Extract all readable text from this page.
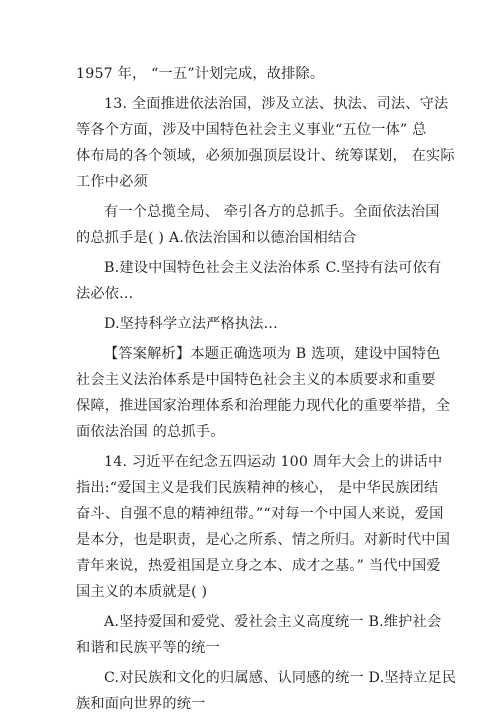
1957 年， “一五”计划完成，故排除。
13. 全面推进依法治国，涉及立法、执法、司法、守法
等各个方面，涉及中国特色社会主义事业“五位一体” 总
体布局的各个领域，必须加强顶层设计、统筹谋划， 在实际
工作中必须
有一个总揽全局、 牵引各方的总抓手。全面依法治国
的总抓手是( ) A.依法治国和以德治国相结合
B.建设中国特色社会主义法治体系 C.坚持有法可依有
法必依...
D.坚持科学立法严格执法...
【答案解析】本题正确选项为 B 选项，建设中国特色
社会主义法治体系是中国特色社会主义的本质要求和重要
保障，推进国家治理体系和治理能力现代化的重要举措，全
面依法治国 的总抓手。
14. 习近平在纪念五四运动 100 周年大会上的讲话中
指出:“爱国主义是我们民族精神的核心， 是中华民族团结
奋斗、自强不息的精神纽带。”“对每一个中国人来说，爱国
是本分，也是职责，是心之所系、情之所归。对新时代中国
青年来说，热爱祖国是立身之本、成才之基。” 当代中国爱
国主义的本质就是( )
A.坚持爱国和爱党、爱社会主义高度统一 B.维护社会
和谐和民族平等的统一
C.对民族和文化的归属感、认同感的统一 D.坚持立足民
族和面向世界的统一
